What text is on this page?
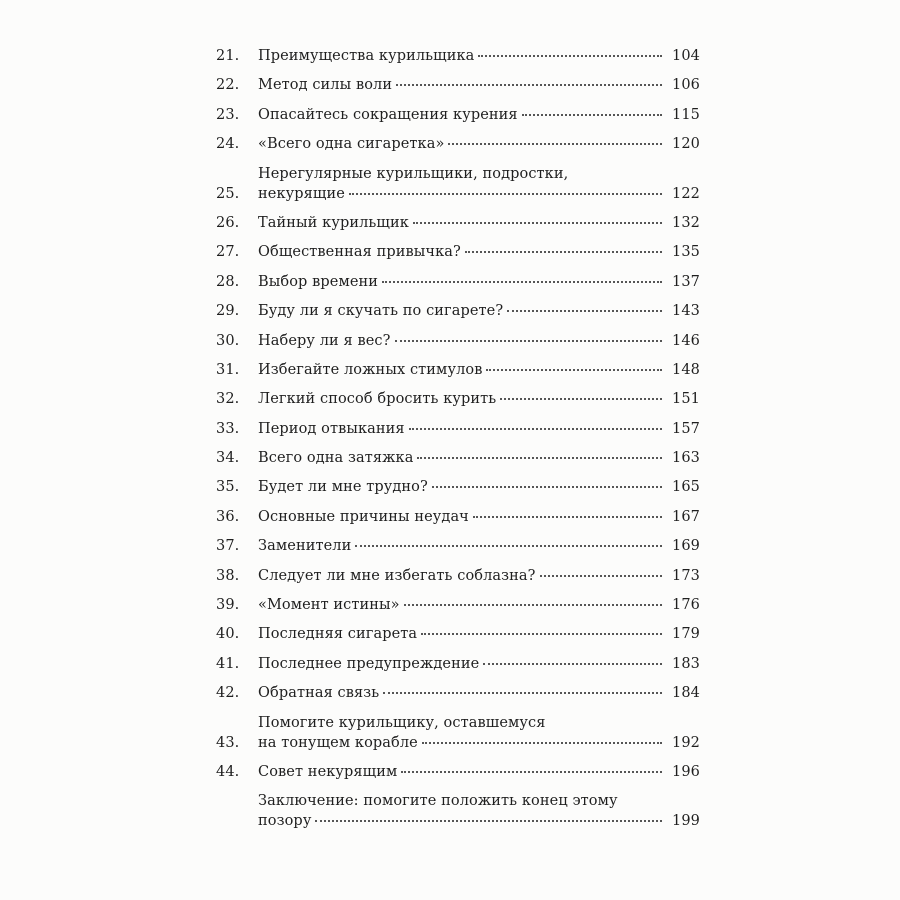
21.	Преимущества курильщика	104
22.	Метод силы воли	106
23.	Опасайтесь сокращения курения	115
24.	«Всего одна сигаретка»	120
25.
Нерегулярные курильщики, подростки,
некурящие	122
26.	Тайный курильщик	132
27.	Общественная привычка?	135
28.	Выбор времени	137
29.	Буду ли я скучать по сигарете?	143
30.	Наберу ли я вес?	146
31.	Избегайте ложных стимулов	148
32.	Легкий способ бросить курить	151
33.	Период отвыкания	157
34.	Всего одна затяжка	163
35.	Будет ли мне трудно?	165
36.	Основные причины неудач	167
37.	Заменители	169
38.	Следует ли мне избегать соблазна?	173
39.	«Момент истины»	176
40.	Последняя сигарета	179
41.	Последнее предупреждение	183
42.	Обратная связь	184
43.
Помогите курильщику, оставшемуся
на тонущем корабле	192
44.	Совет некурящим	196
Заключение: помогите положить конец этому
позору	199
